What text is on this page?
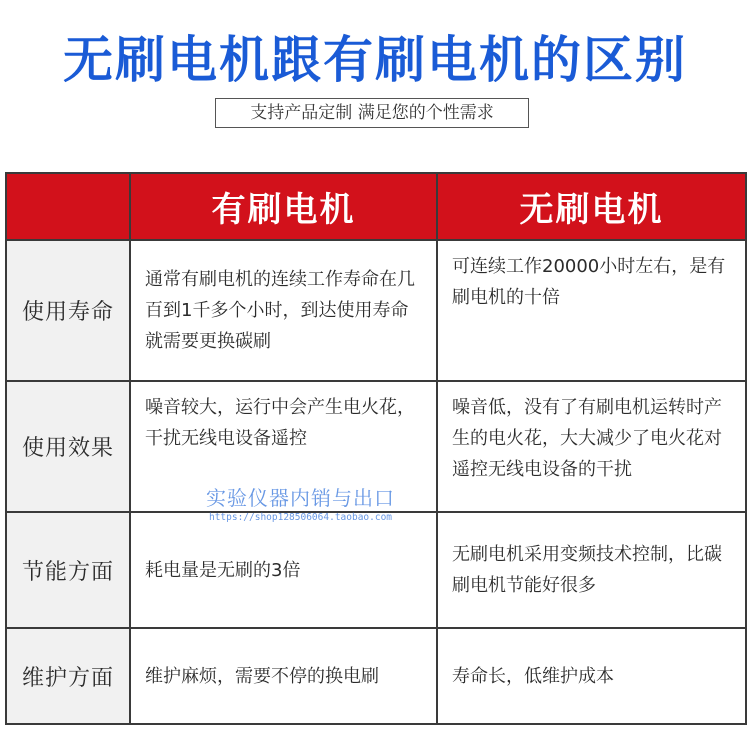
无刷电机跟有刷电机的区别
支持产品定制 满足您的个性需求
	有刷电机	无刷电机
使用寿命	通常有刷电机的连续工作寿命在几百到1千多个小时，到达使用寿命就需要更换碳刷	可连续工作20000小时左右，是有刷电机的十倍
使用效果	噪音较大，运行中会产生电火花，干扰无线电设备遥控	噪音低，没有了有刷电机运转时产生的电火花，大大减少了电火花对遥控无线电设备的干扰
节能方面	耗电量是无刷的3倍	无刷电机采用变频技术控制，比碳刷电机节能好很多
维护方面	维护麻烦，需要不停的换电刷	寿命长，低维护成本
实验仪器内销与出口
https://shop128506064.taobao.com
